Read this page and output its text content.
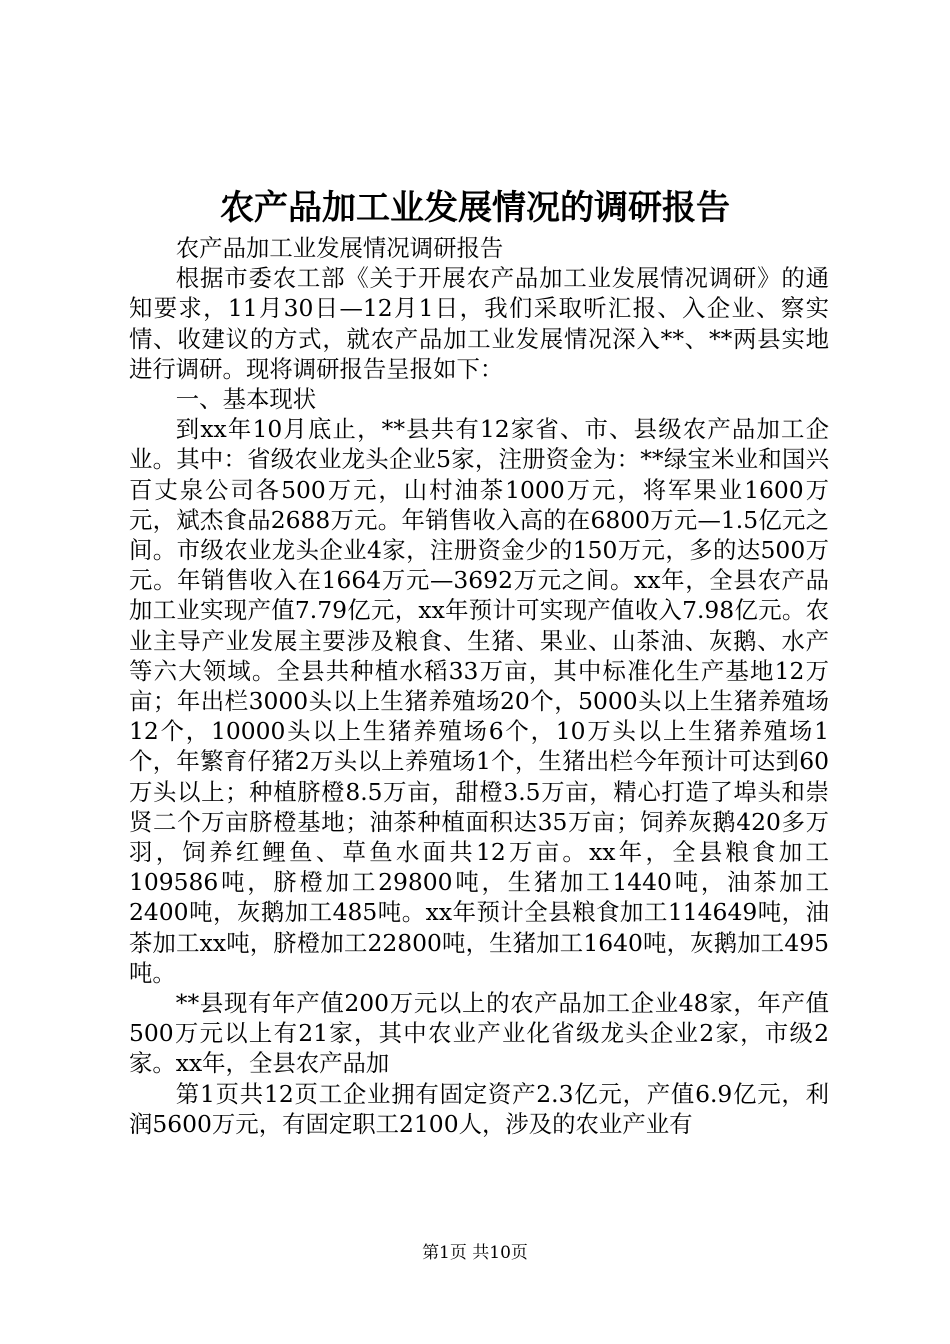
农产品加工业发展情况的调研报告

农产品加工业发展情况调研报告

根据市委农工部《关于开展农产品加工业发展情况调研》的通知要求，11月30日—12月1日，我们采取听汇报、入企业、察实情、收建议的方式，就农产品加工业发展情况深入**、**两县实地进行调研。现将调研报告呈报如下：

一、基本现状

到xx年10月底止，**县共有12家省、市、县级农产品加工企业。其中：省级农业龙头企业5家，注册资金为：**绿宝米业和国兴百丈泉公司各500万元，山村油茶1000万元，将军果业1600万元，斌杰食品2688万元。年销售收入高的在6800万元—1.5亿元之间。市级农业龙头企业4家，注册资金少的150万元，多的达500万元。年销售收入在1664万元—3692万元之间。xx年，全县农产品加工业实现产值7.79亿元，xx年预计可实现产值收入7.98亿元。农业主导产业发展主要涉及粮食、生猪、果业、山茶油、灰鹅、水产等六大领域。全县共种植水稻33万亩，其中标准化生产基地12万亩；年出栏3000头以上生猪养殖场20个，5000头以上生猪养殖场12个，10000头以上生猪养殖场6个，10万头以上生猪养殖场1个，年繁育仔猪2万头以上养殖场1个，生猪出栏今年预计可达到60万头以上；种植脐橙8.5万亩，甜橙3.5万亩，精心打造了埠头和崇贤二个万亩脐橙基地；油茶种植面积达35万亩；饲养灰鹅420多万羽，饲养红鲤鱼、草鱼水面共12万亩。xx年，全县粮食加工109586吨，脐橙加工29800吨，生猪加工1440吨，油茶加工2400吨，灰鹅加工485吨。xx年预计全县粮食加工114649吨，油茶加工xx吨，脐橙加工22800吨，生猪加工1640吨，灰鹅加工495吨。

**县现有年产值200万元以上的农产品加工企业48家，年产值500万元以上有21家，其中农业产业化省级龙头企业2家，市级2家。xx年，全县农产品加

第1页共12页工企业拥有固定资产2.3亿元，产值6.9亿元，利润5600万元，有固定职工2100人，涉及的农业产业有

第1页 共10页
